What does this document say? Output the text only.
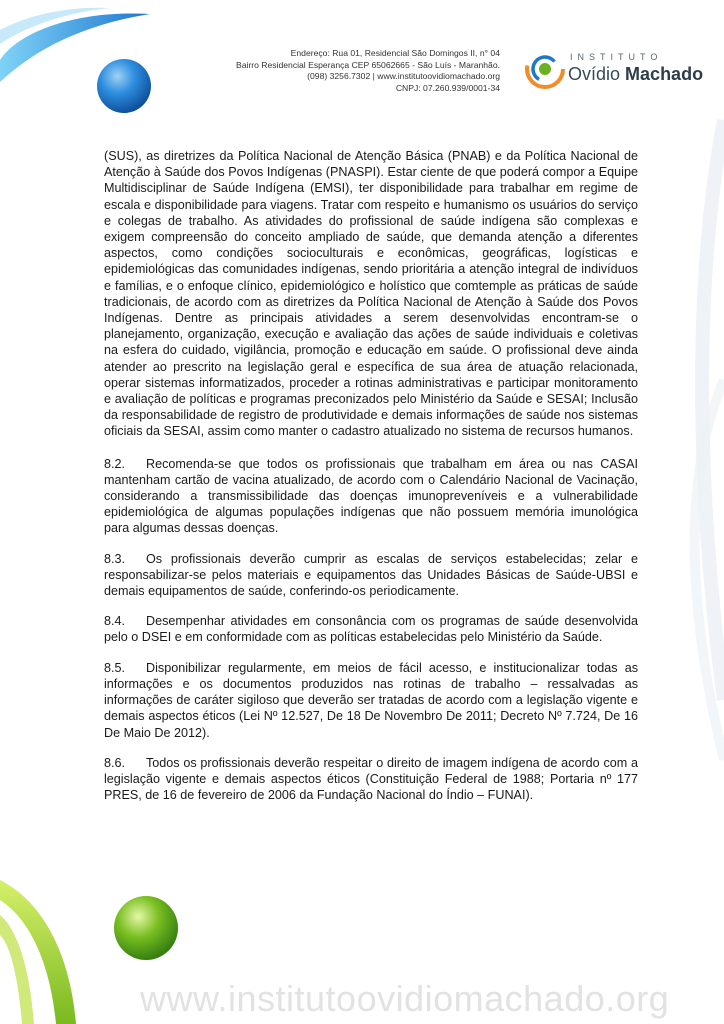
Endereço: Rua 01, Residencial São Domingos II, n° 04
Bairro Residencial Esperança CEP 65062665 - São Luís - Maranhão.
(098) 3256.7302 | www.institutoovidiomachado.org
CNPJ: 07.260.939/0001-34
INSTITUTO
Ovídio Machado

(SUS), as diretrizes da Política Nacional de Atenção Básica (PNAB) e da Política Nacional de Atenção à Saúde dos Povos Indígenas (PNASPI). Estar ciente de que poderá compor a Equipe Multidisciplinar de Saúde Indígena (EMSI), ter disponibilidade para trabalhar em regime de escala e disponibilidade para viagens. Tratar com respeito e humanismo os usuários do serviço e colegas de trabalho. As atividades do profissional de saúde indígena são complexas e exigem compreensão do conceito ampliado de saúde, que demanda atenção a diferentes aspectos, como condições socioculturais e econômicas, geográficas, logísticas e epidemiológicas das comunidades indígenas, sendo prioritária a atenção integral de indivíduos e famílias, e o enfoque clínico, epidemiológico e holístico que comtemple as práticas de saúde tradicionais, de acordo com as diretrizes da Política Nacional de Atenção à Saúde dos Povos Indígenas. Dentre as principais atividades a serem desenvolvidas encontram-se o planejamento, organização, execução e avaliação das ações de saúde individuais e coletivas na esfera do cuidado, vigilância, promoção e educação em saúde. O profissional deve ainda atender ao prescrito na legislação geral e específica de sua área de atuação relacionada, operar sistemas informatizados, proceder a rotinas administrativas e participar monitoramento e avaliação de políticas e programas preconizados pelo Ministério da Saúde e SESAI; Inclusão da responsabilidade de registro de produtividade e demais informações de saúde nos sistemas oficiais da SESAI, assim como manter o cadastro atualizado no sistema de recursos humanos.

8.2. Recomenda-se que todos os profissionais que trabalham em área ou nas CASAI mantenham cartão de vacina atualizado, de acordo com o Calendário Nacional de Vacinação, considerando a transmissibilidade das doenças imunopreveníveis e a vulnerabilidade epidemiológica de algumas populações indígenas que não possuem memória imunológica para algumas dessas doenças.

8.3. Os profissionais deverão cumprir as escalas de serviços estabelecidas; zelar e responsabilizar-se pelos materiais e equipamentos das Unidades Básicas de Saúde-UBSI e demais equipamentos de saúde, conferindo-os periodicamente.

8.4. Desempenhar atividades em consonância com os programas de saúde desenvolvida pelo o DSEI e em conformidade com as políticas estabelecidas pelo Ministério da Saúde.

8.5. Disponibilizar regularmente, em meios de fácil acesso, e institucionalizar todas as informações e os documentos produzidos nas rotinas de trabalho – ressalvadas as informações de caráter sigiloso que deverão ser tratadas de acordo com a legislação vigente e demais aspectos éticos (Lei Nº 12.527, De 18 De Novembro De 2011; Decreto Nº 7.724, De 16 De Maio De 2012).

8.6. Todos os profissionais deverão respeitar o direito de imagem indígena de acordo com a legislação vigente e demais aspectos éticos (Constituição Federal de 1988; Portaria nº 177 PRES, de 16 de fevereiro de 2006 da Fundação Nacional do Índio – FUNAI).

www.institutoovidiomachado.org
